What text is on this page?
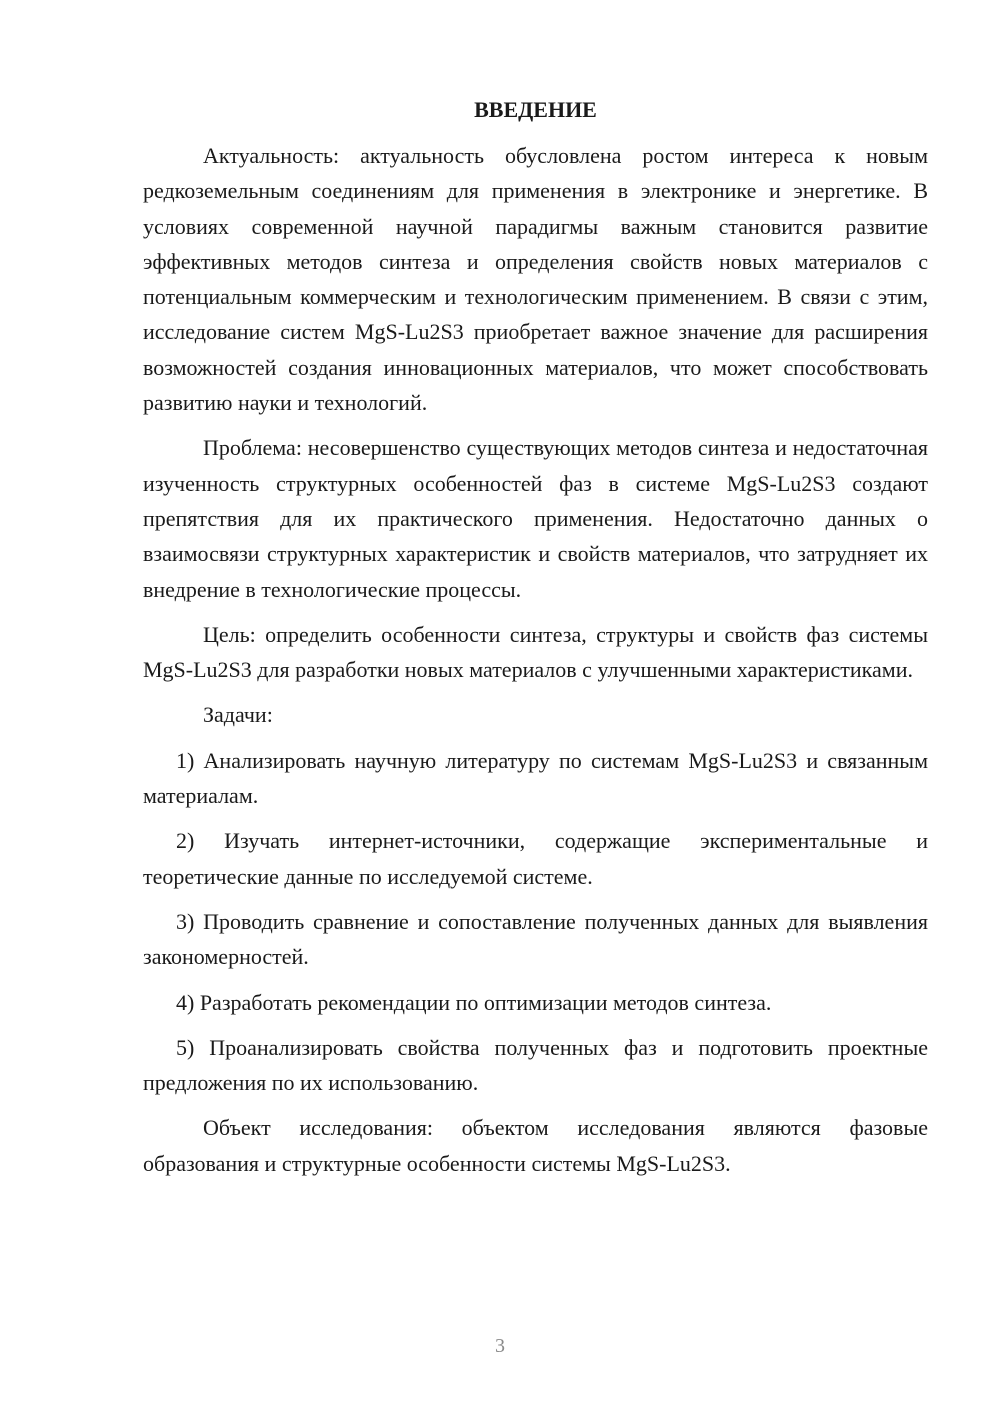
ВВЕДЕНИЕ

Актуальность: актуальность обусловлена ростом интереса к новым редкоземельным соединениям для применения в электронике и энергетике. В условиях современной научной парадигмы важным становится развитие эффективных методов синтеза и определения свойств новых материалов с потенциальным коммерческим и технологическим применением. В связи с этим, исследование систем MgS-Lu2S3 приобретает важное значение для расширения возможностей создания инновационных материалов, что может способствовать развитию науки и технологий.

Проблема: несовершенство существующих методов синтеза и недостаточная изученность структурных особенностей фаз в системе MgS-Lu2S3 создают препятствия для их практического применения. Недостаточно данных о взаимосвязи структурных характеристик и свойств материалов, что затрудняет их внедрение в технологические процессы.

Цель: определить особенности синтеза, структуры и свойств фаз системы MgS-Lu2S3 для разработки новых материалов с улучшенными характеристиками.

Задачи:

1) Анализировать научную литературу по системам MgS-Lu2S3 и связанным материалам.

2) Изучать интернет-источники, содержащие экспериментальные и теоретические данные по исследуемой системе.

3) Проводить сравнение и сопоставление полученных данных для выявления закономерностей.

4) Разработать рекомендации по оптимизации методов синтеза.

5) Проанализировать свойства полученных фаз и подготовить проектные предложения по их использованию.

Объект исследования: объектом исследования являются фазовые образования и структурные особенности системы MgS-Lu2S3.

3
